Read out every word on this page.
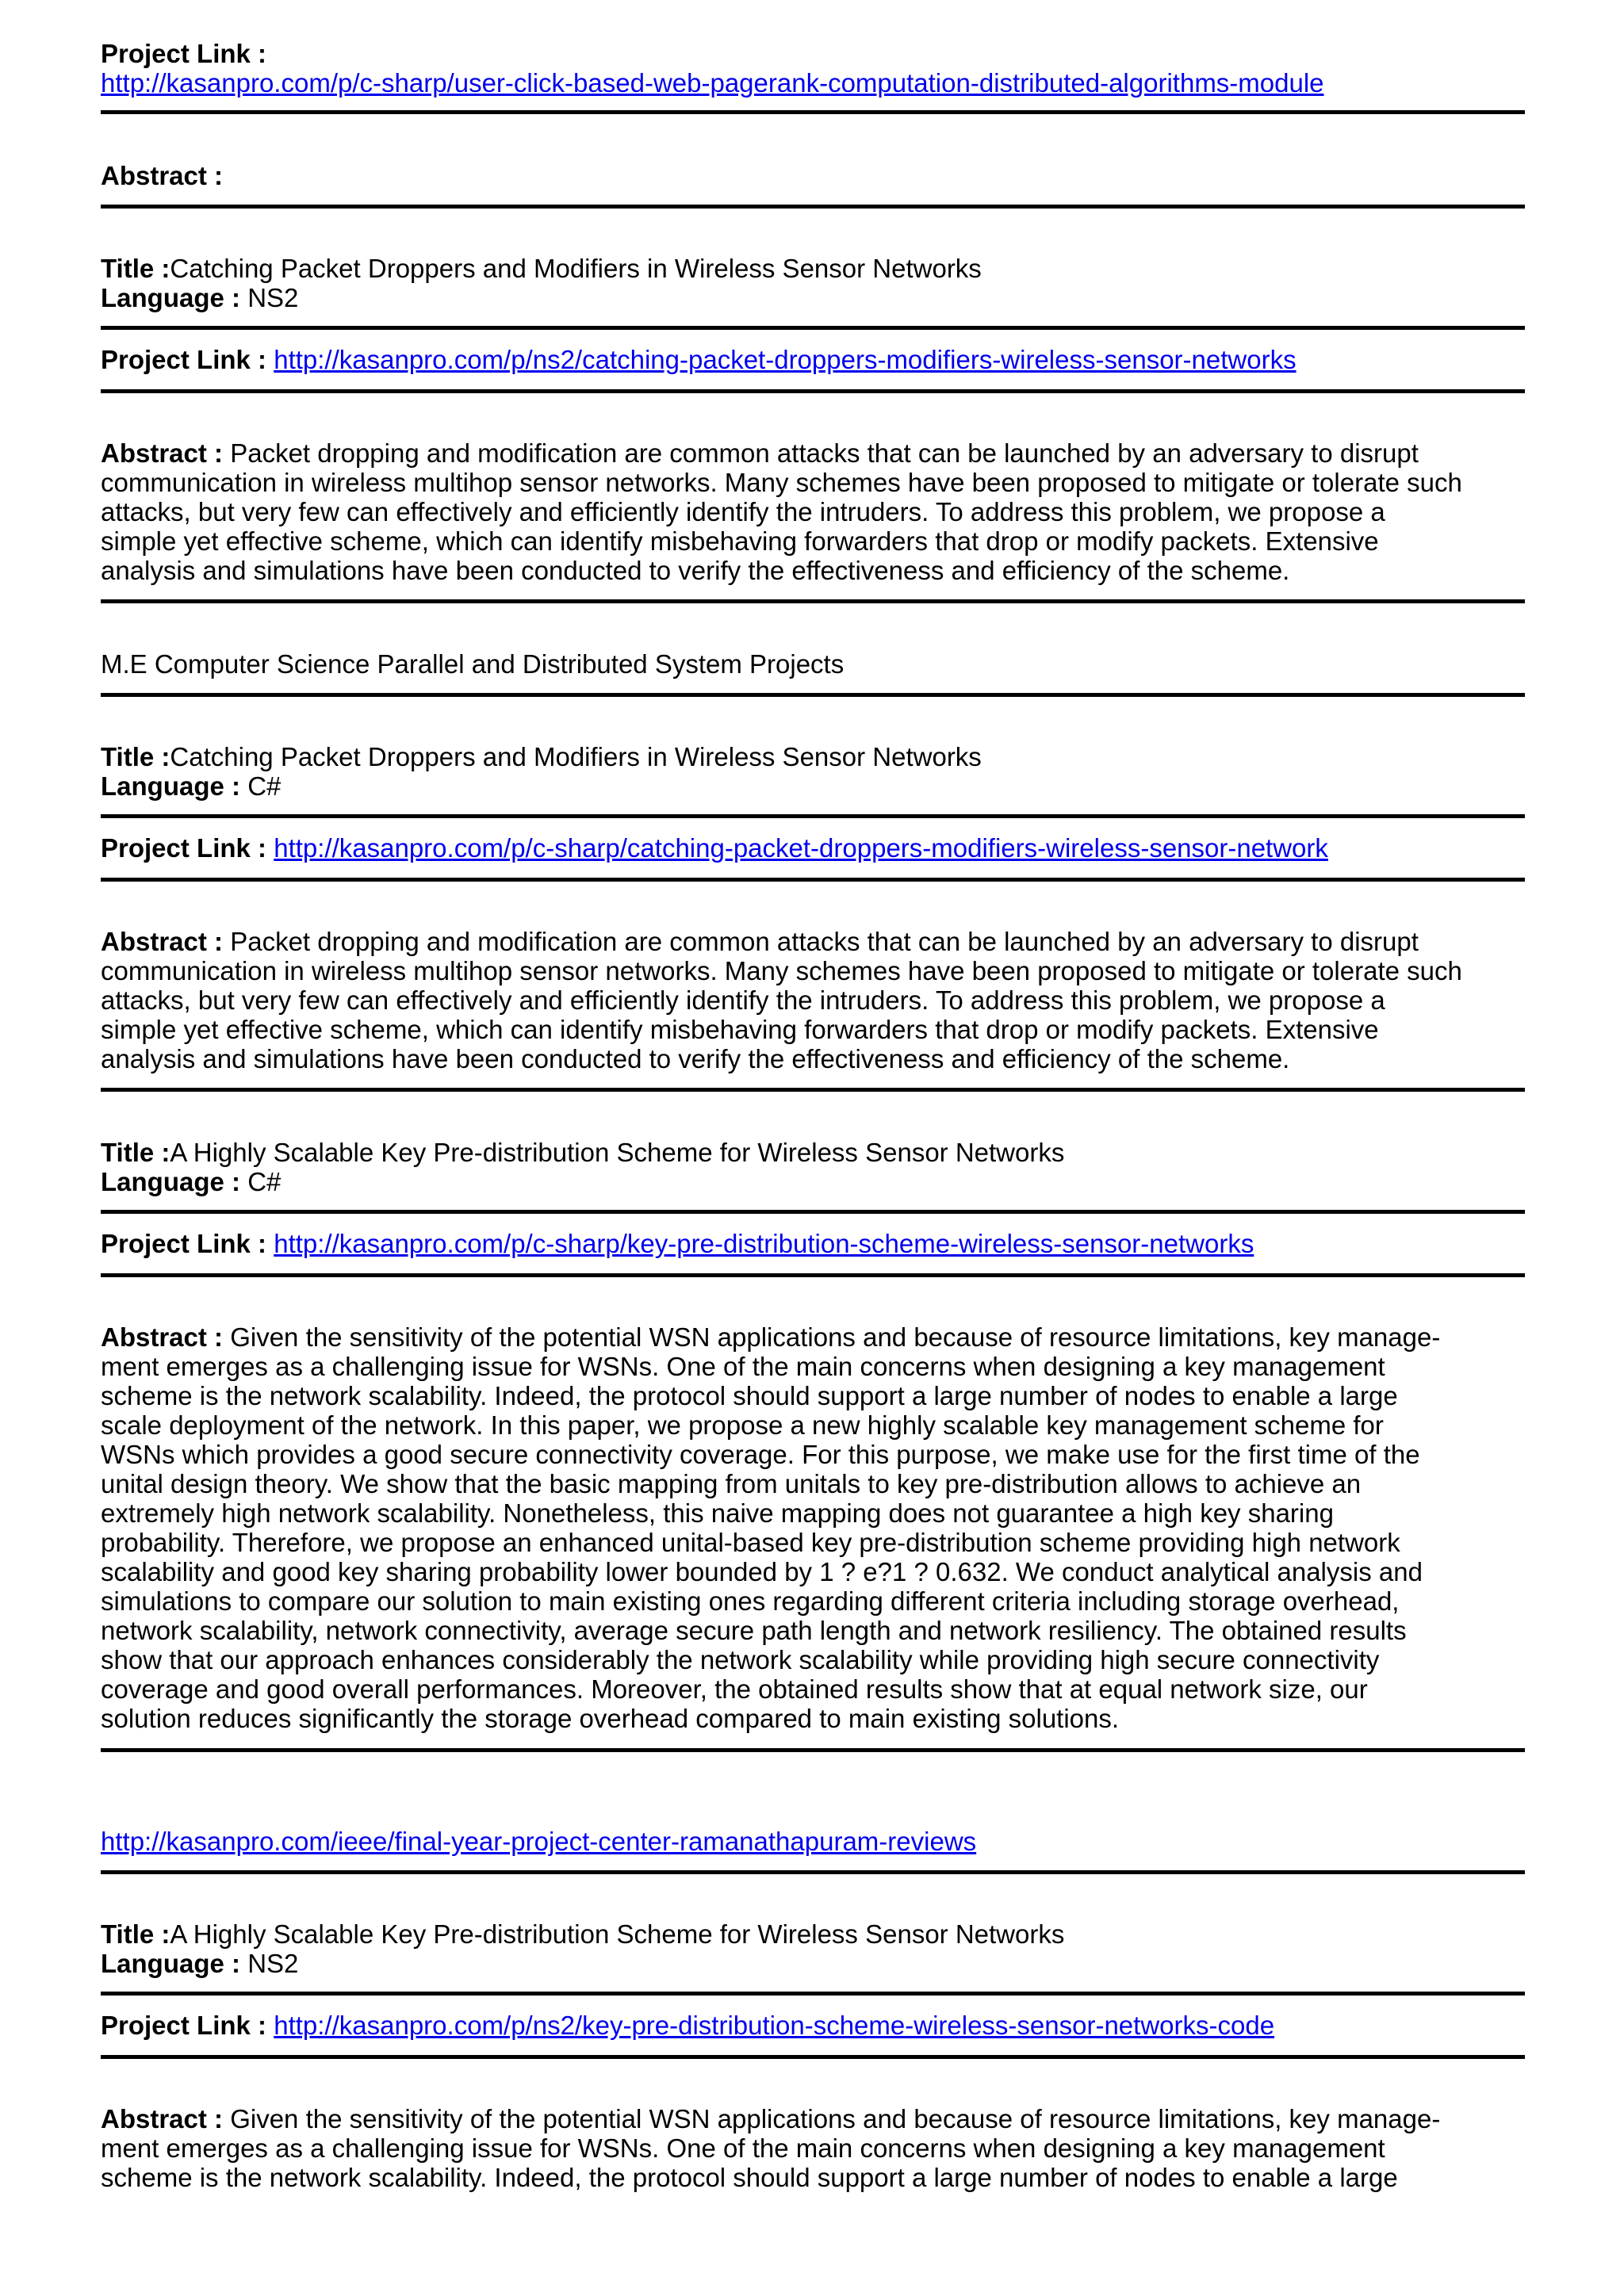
Project Link :
http://kasanpro.com/p/c-sharp/user-click-based-web-pagerank-computation-distributed-algorithms-module
Abstract :
Title :Catching Packet Droppers and Modifiers in Wireless Sensor Networks
Language : NS2
Project Link : http://kasanpro.com/p/ns2/catching-packet-droppers-modifiers-wireless-sensor-networks
Abstract : Packet dropping and modification are common attacks that can be launched by an adversary to disrupt
communication in wireless multihop sensor networks. Many schemes have been proposed to mitigate or tolerate such
attacks, but very few can effectively and efficiently identify the intruders. To address this problem, we propose a
simple yet effective scheme, which can identify misbehaving forwarders that drop or modify packets. Extensive
analysis and simulations have been conducted to verify the effectiveness and efficiency of the scheme.
M.E Computer Science Parallel and Distributed System Projects
Title :Catching Packet Droppers and Modifiers in Wireless Sensor Networks
Language : C#
Project Link : http://kasanpro.com/p/c-sharp/catching-packet-droppers-modifiers-wireless-sensor-network
Abstract : Packet dropping and modification are common attacks that can be launched by an adversary to disrupt
communication in wireless multihop sensor networks. Many schemes have been proposed to mitigate or tolerate such
attacks, but very few can effectively and efficiently identify the intruders. To address this problem, we propose a
simple yet effective scheme, which can identify misbehaving forwarders that drop or modify packets. Extensive
analysis and simulations have been conducted to verify the effectiveness and efficiency of the scheme.
Title :A Highly Scalable Key Pre-distribution Scheme for Wireless Sensor Networks
Language : C#
Project Link : http://kasanpro.com/p/c-sharp/key-pre-distribution-scheme-wireless-sensor-networks
Abstract : Given the sensitivity of the potential WSN applications and because of resource limitations, key manage-
ment emerges as a challenging issue for WSNs. One of the main concerns when designing a key management
scheme is the network scalability. Indeed, the protocol should support a large number of nodes to enable a large
scale deployment of the network. In this paper, we propose a new highly scalable key management scheme for
WSNs which provides a good secure connectivity coverage. For this purpose, we make use for the first time of the
unital design theory. We show that the basic mapping from unitals to key pre-distribution allows to achieve an
extremely high network scalability. Nonetheless, this naive mapping does not guarantee a high key sharing
probability. Therefore, we propose an enhanced unital-based key pre-distribution scheme providing high network
scalability and good key sharing probability lower bounded by 1 ? e?1 ? 0.632. We conduct analytical analysis and
simulations to compare our solution to main existing ones regarding different criteria including storage overhead,
network scalability, network connectivity, average secure path length and network resiliency. The obtained results
show that our approach enhances considerably the network scalability while providing high secure connectivity
coverage and good overall performances. Moreover, the obtained results show that at equal network size, our
solution reduces significantly the storage overhead compared to main existing solutions.
http://kasanpro.com/ieee/final-year-project-center-ramanathapuram-reviews
Title :A Highly Scalable Key Pre-distribution Scheme for Wireless Sensor Networks
Language : NS2
Project Link : http://kasanpro.com/p/ns2/key-pre-distribution-scheme-wireless-sensor-networks-code
Abstract : Given the sensitivity of the potential WSN applications and because of resource limitations, key manage-
ment emerges as a challenging issue for WSNs. One of the main concerns when designing a key management
scheme is the network scalability. Indeed, the protocol should support a large number of nodes to enable a large
